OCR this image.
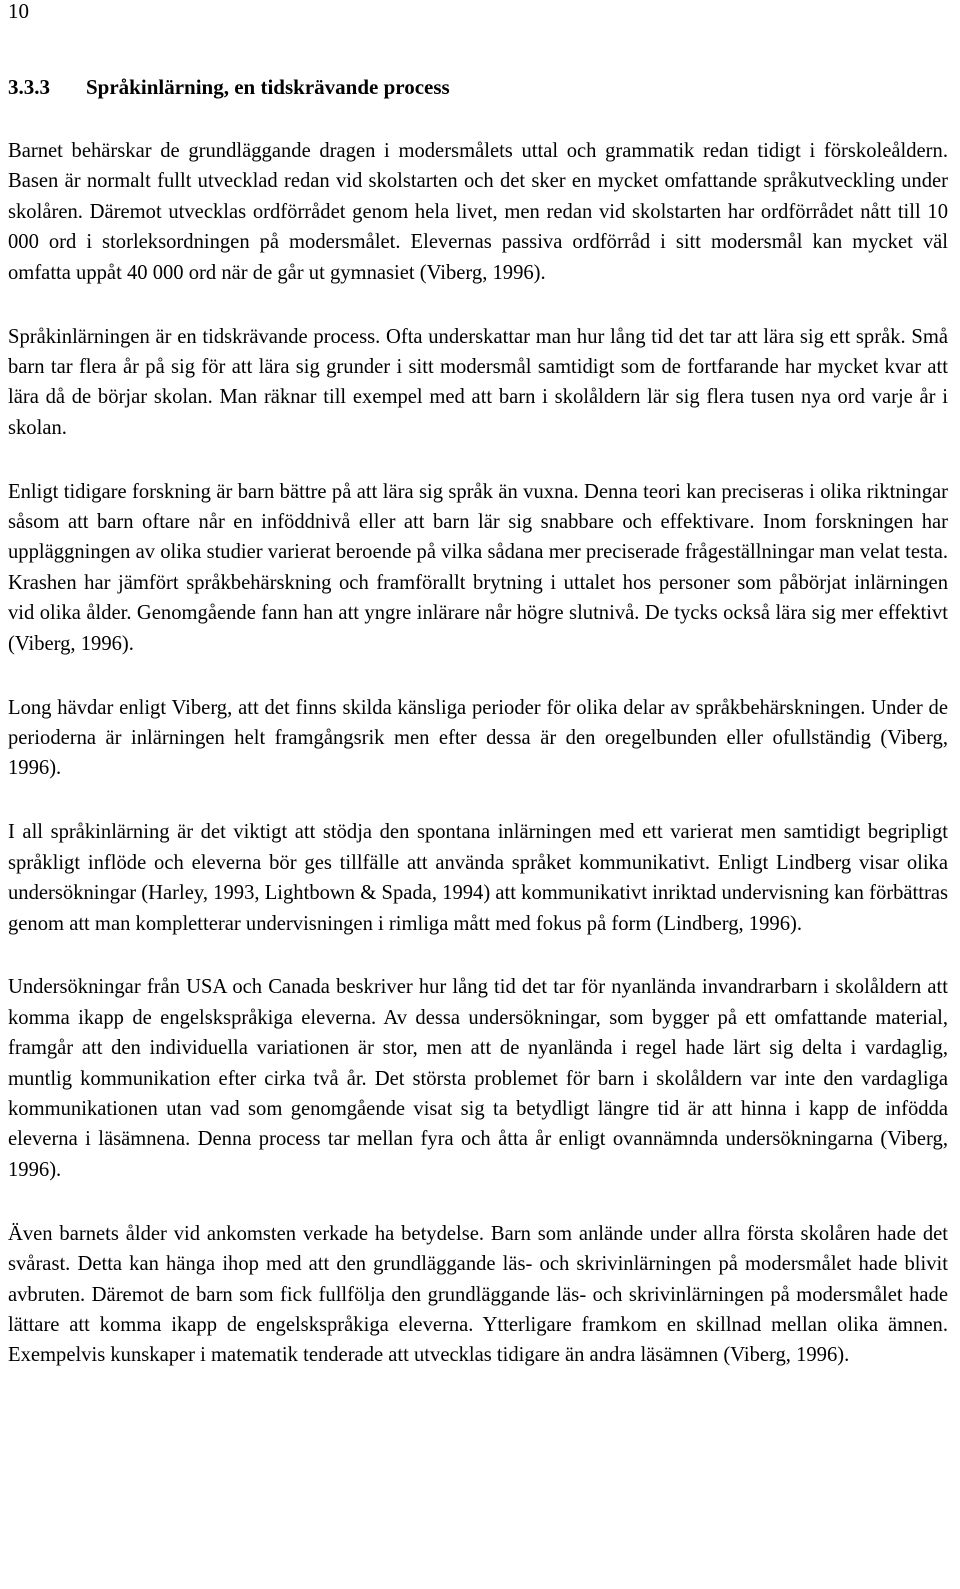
10

3.3.3 Språkinlärning, en tidskrävande process

Barnet behärskar de grundläggande dragen i modersmålets uttal och grammatik redan tidigt i förskoleåldern. Basen är normalt fullt utvecklad redan vid skolstarten och det sker en mycket omfattande språkutveckling under skolåren. Däremot utvecklas ordförrådet genom hela livet, men redan vid skolstarten har ordförrådet nått till 10 000 ord i storleksordningen på modersmålet. Elevernas passiva ordförråd i sitt modersmål kan mycket väl omfatta uppåt 40 000 ord när de går ut gymnasiet (Viberg, 1996).

Språkinlärningen är en tidskrävande process. Ofta underskattar man hur lång tid det tar att lära sig ett språk. Små barn tar flera år på sig för att lära sig grunder i sitt modersmål samtidigt som de fortfarande har mycket kvar att lära då de börjar skolan. Man räknar till exempel med att barn i skolåldern lär sig flera tusen nya ord varje år i skolan.

Enligt tidigare forskning är barn bättre på att lära sig språk än vuxna. Denna teori kan preciseras i olika riktningar såsom att barn oftare når en inföddnivå eller att barn lär sig snabbare och effektivare. Inom forskningen har uppläggningen av olika studier varierat beroende på vilka sådana mer preciserade frågeställningar man velat testa. Krashen har jämfört språkbehärskning och framförallt brytning i uttalet hos personer som påbörjat inlärningen vid olika ålder. Genomgående fann han att yngre inlärare når högre slutnivå. De tycks också lära sig mer effektivt (Viberg, 1996).

Long hävdar enligt Viberg, att det finns skilda känsliga perioder för olika delar av språkbehärskningen. Under de perioderna är inlärningen helt framgångsrik men efter dessa är den oregelbunden eller ofullständig (Viberg, 1996).

I all språkinlärning är det viktigt att stödja den spontana inlärningen med ett varierat men samtidigt begripligt språkligt inflöde och eleverna bör ges tillfälle att använda språket kommunikativt. Enligt Lindberg visar olika undersökningar (Harley, 1993, Lightbown & Spada, 1994) att kommunikativt inriktad undervisning kan förbättras genom att man kompletterar undervisningen i rimliga mått med fokus på form (Lindberg, 1996).

Undersökningar från USA och Canada beskriver hur lång tid det tar för nyanlända invandrarbarn i skolåldern att komma ikapp de engelskspråkiga eleverna. Av dessa undersökningar, som bygger på ett omfattande material, framgår att den individuella variationen är stor, men att de nyanlända i regel hade lärt sig delta i vardaglig, muntlig kommunikation efter cirka två år. Det största problemet för barn i skolåldern var inte den vardagliga kommunikationen utan vad som genomgående visat sig ta betydligt längre tid är att hinna i kapp de infödda eleverna i läsämnena. Denna process tar mellan fyra och åtta år enligt ovannämnda undersökningarna (Viberg, 1996).

Även barnets ålder vid ankomsten verkade ha betydelse. Barn som anlände under allra första skolåren hade det svårast. Detta kan hänga ihop med att den grundläggande läs- och skrivinlärningen på modersmålet hade blivit avbruten. Däremot de barn som fick fullfölja den grundläggande läs- och skrivinlärningen på modersmålet hade lättare att komma ikapp de engelskspråkiga eleverna. Ytterligare framkom en skillnad mellan olika ämnen. Exempelvis kunskaper i matematik tenderade att utvecklas tidigare än andra läsämnen (Viberg, 1996).
